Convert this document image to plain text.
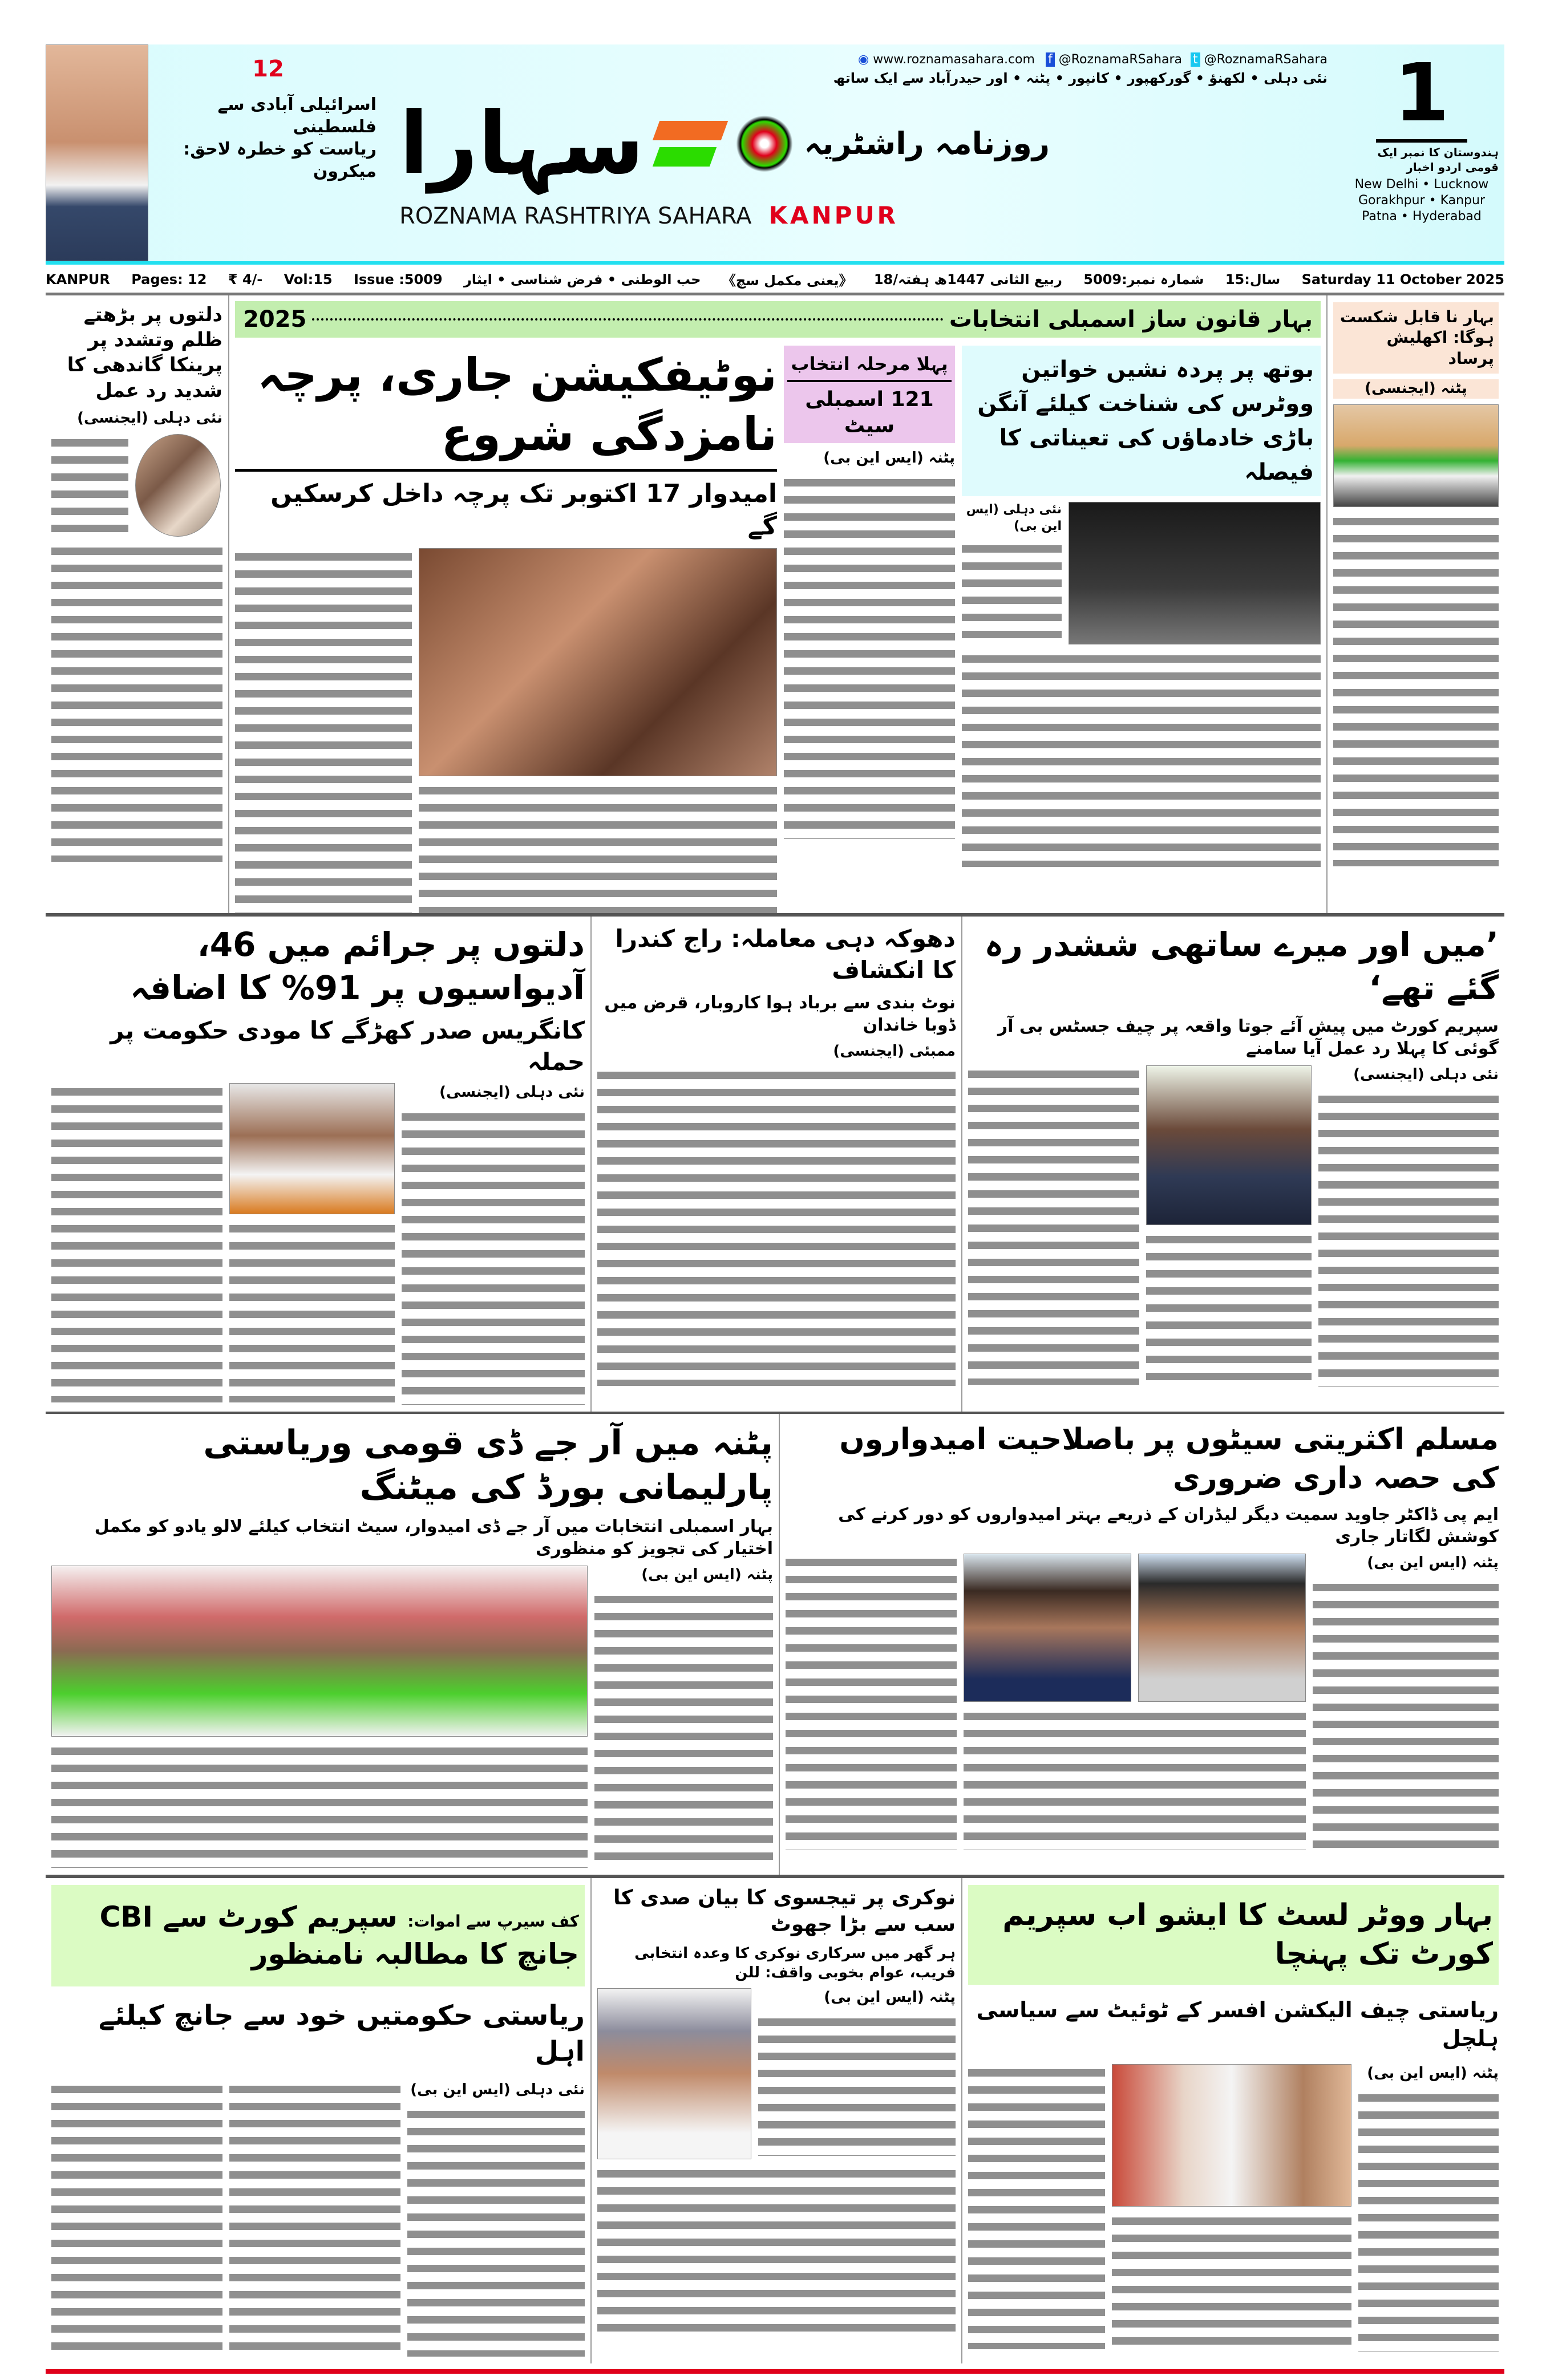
12
اسرائیلی آبادی سے فلسطینی
ریاست کو خطرہ لاحق: میکرون
◉ www.roznamasahara.com f @RoznamaRSahara t @RoznamaRSahara
نئی دہلی • لکھنؤ • گورکھپور • کانپور • پٹنہ • اور حیدرآباد سے ایک ساتھ
سہارا	روزنامہ راشٹریہ
ROZNAMA RASHTRIYA SAHARA KANPUR
1
ہندوستان کا نمبر ایک قومی اردو اخبار
New Delhi • Lucknow
Gorakhpur • Kanpur
Patna • Hyderabad
KANPUR Pages: 12 ₹ 4/- Vol:15 Issue :5009 حب الوطنی • فرض شناسی • ایثار 《یعنی مکمل سچ》 18/ربیع الثانی 1447ھ ہفتہ شمارہ نمبر:5009 سال:15 Saturday 11 October 2025
دلتوں پر بڑھتے ظلم وتشدد پر پرینکا گاندھی کا شدید رد عمل
نئی دہلی (ایجنسی)
بہار قانون ساز اسمبلی انتخابات
2025
نوٹیفکیشن جاری، پرچہ نامزدگی شروع
امیدوار 17 اکتوبر تک پرچہ داخل کرسکیں گے
پہلا مرحلہ انتخاب
121 اسمبلی سیٹ
پٹنہ (ایس این بی)
بوتھ پر پردہ نشیں خواتین ووٹرس کی شناخت کیلئے آنگن باڑی خادماؤں کی تعیناتی کا فیصلہ
نئی دہلی (ایس این بی)
بہار نا قابل شکست ہوگا: اکھلیش پرساد
پٹنہ (ایجنسی)
دلتوں پر جرائم میں 46، آدیواسیوں پر 91% کا اضافہ
کانگریس صدر کھڑگے کا مودی حکومت پر حملہ
نئی دہلی (ایجنسی)
دھوکہ دہی معاملہ: راج کندرا کا انکشاف
نوٹ بندی سے برباد ہوا کاروبار، قرض میں ڈوبا خاندان
ممبئی (ایجنسی)
’میں اور میرے ساتھی ششدر رہ گئے تھے‘
سپریم کورٹ میں پیش آئے جوتا واقعہ پر چیف جسٹس بی آر گوئی کا پہلا رد عمل آیا سامنے
نئی دہلی (ایجنسی)
پٹنہ میں آر جے ڈی قومی وریاستی پارلیمانی بورڈ کی میٹنگ
بہار اسمبلی انتخابات میں آر جے ڈی امیدوار، سیٹ انتخاب کیلئے لالو یادو کو مکمل اختیار کی تجویز کو منظوری
پٹنہ (ایس این بی)
مسلم اکثریتی سیٹوں پر باصلاحیت امیدواروں کی حصہ داری ضروری
ایم پی ڈاکٹر جاوید سمیت دیگر لیڈران کے ذریعے بہتر امیدواروں کو دور کرنے کی کوشش لگاتار جاری
پٹنہ (ایس این بی)
کف سیرپ سے اموات: سپریم کورٹ سے CBI جانچ کا مطالبہ نامنظور
ریاستی حکومتیں خود سے جانچ کیلئے اہل
نئی دہلی (ایس این بی)
نوکری پر تیجسوی کا بیان صدی کا سب سے بڑا جھوٹ
ہر گھر میں سرکاری نوکری کا وعدہ انتخابی فریب، عوام بخوبی واقف: للن
پٹنہ (ایس این بی)
بہار ووٹر لسٹ کا ایشو اب سپریم کورٹ تک پہنچا
ریاستی چیف الیکشن افسر کے ٹوئیٹ سے سیاسی ہلچل
پٹنہ (ایس این بی)
